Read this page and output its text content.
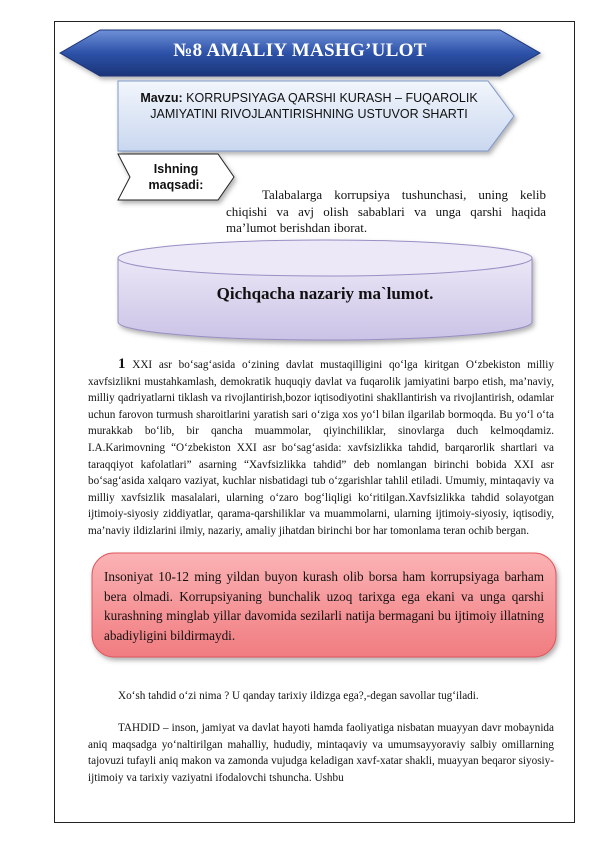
№8 AMALIY MASHG’ULOT
Mavzu: KORRUPSIYAGA QARSHI KURASH – FUQAROLIK JAMIYATINI RIVOJLANTIRISHNING USTUVOR SHARTI
Ishning maqsadi:
Talabalarga korrupsiya tushunchasi, uning kelib chiqishi va avj olish sabablari va unga qarshi haqida ma’lumot berishdan iborat.
Qichqacha nazariy ma`lumot.
1 XXI asr bo‘sag‘asida o‘zining davlat mustaqilligini qo‘lga kiritgan O‘zbekiston milliy xavfsizlikni mustahkamlash, demokratik huquqiy davlat va fuqarolik jamiyatini barpo etish, ma’naviy, milliy qadriyatlarni tiklash va rivojlantirish,bozor iqtisodiyotini shakllantirish va rivojlantirish, odamlar uchun farovon turmush sharoitlarini yaratish sari o‘ziga xos yo‘l bilan ilgarilab bormoqda. Bu yo‘l o‘ta murakkab bo‘lib, bir qancha muammolar, qiyinchiliklar, sinovlarga duch kelmoqdamiz. I.A.Karimovning “O‘zbekiston XXI asr bo‘sag‘asida: xavfsizlikka tahdid, barqarorlik shartlari va taraqqiyot kafolatlari” asarning “Xavfsizlikka tahdid” deb nomlangan birinchi bobida XXI asr bo‘sag‘asida xalqaro vaziyat, kuchlar nisbatidagi tub o‘zgarishlar tahlil etiladi. Umumiy, mintaqaviy va milliy xavfsizlik masalalari, ularning o‘zaro bog‘liqligi ko‘ritilgan.Xavfsizlikka tahdid solayotgan ijtimoiy-siyosiy ziddiyatlar, qarama-qarshiliklar va muammolarni, ularning ijtimoiy-siyosiy, iqtisodiy, ma’naviy ildizlarini ilmiy, nazariy, amaliy jihatdan birinchi bor har tomonlama teran ochib bergan.
Insoniyat 10-12 ming yildan buyon kurash olib borsa ham korrupsiyaga barham bera olmadi. Korrupsiyaning bunchalik uzoq tarixga ega ekani va unga qarshi kurashning minglab yillar davomida sezilarli natija bermagani bu ijtimoiy illatning abadiyligini bildirmaydi.
Xo‘sh tahdid o‘zi nima ? U qanday tarixiy ildizga ega?,-degan savollar tug‘iladi.
TAHDID – inson, jamiyat va davlat hayoti hamda faoliyatiga nisbatan muayyan davr mobaynida aniq maqsadga yo‘naltirilgan mahalliy, hududiy, mintaqaviy va umumsayyoraviy salbiy omillarning tajovuzi tufayli aniq makon va zamonda vujudga keladigan xavf-xatar shakli, muayyan beqaror siyosiy-ijtimoiy va tarixiy vaziyatni ifodalovchi tshuncha. Ushbu
